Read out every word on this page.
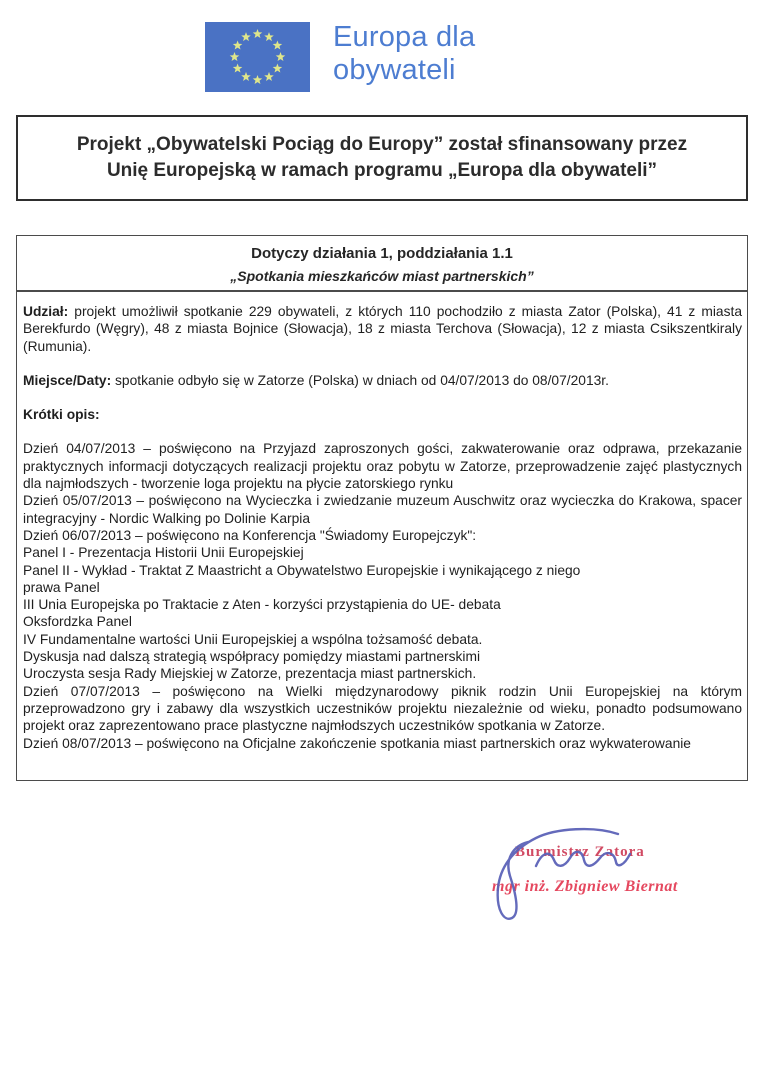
Europa dla
obywateli

Projekt „Obywatelski Pociąg do Europy” został sfinansowany przez
Unię Europejską w ramach programu „Europa dla obywateli”

Dotyczy działania 1, poddziałania 1.1
„Spotkania mieszkańców miast partnerskich”

Udział: projekt umożliwił spotkanie 229 obywateli, z których 110 pochodziło z miasta Zator (Polska), 41 z miasta Berekfurdo (Węgry), 48 z miasta Bojnice (Słowacja), 18 z miasta Terchova (Słowacja), 12 z miasta Csikszentkiraly (Rumunia).

Miejsce/Daty: spotkanie odbyło się w Zatorze (Polska) w dniach od 04/07/2013 do 08/07/2013r.

Krótki opis:

Dzień 04/07/2013 – poświęcono na Przyjazd zaproszonych gości, zakwaterowanie oraz odprawa, przekazanie praktycznych informacji dotyczących realizacji projektu oraz pobytu w Zatorze, przeprowadzenie zajęć plastycznych dla najmłodszych - tworzenie loga projektu na płycie zatorskiego rynku
Dzień 05/07/2013 – poświęcono na Wycieczka i zwiedzanie muzeum Auschwitz oraz wycieczka do Krakowa, spacer integracyjny - Nordic Walking po Dolinie Karpia
Dzień 06/07/2013 – poświęcono na Konferencja "Świadomy Europejczyk":
Panel I - Prezentacja Historii Unii Europejskiej
Panel II - Wykład - Traktat Z Maastricht a Obywatelstwo Europejskie i wynikającego z niego
prawa Panel
III Unia Europejska po Traktacie z Aten - korzyści przystąpienia do UE- debata
Oksfordzka Panel
IV Fundamentalne wartości Unii Europejskiej a wspólna tożsamość debata.
Dyskusja nad dalszą strategią współpracy pomiędzy miastami partnerskimi
Uroczysta sesja Rady Miejskiej w Zatorze, prezentacja miast partnerskich.
Dzień 07/07/2013 – poświęcono na Wielki międzynarodowy piknik rodzin Unii Europejskiej na którym przeprowadzono gry i zabawy dla wszystkich uczestników projektu niezależnie od wieku, ponadto podsumowano projekt oraz zaprezentowano prace plastyczne najmłodszych uczestników spotkania w Zatorze.
Dzień 08/07/2013 – poświęcono na Oficjalne zakończenie spotkania miast partnerskich oraz wykwaterowanie
Burmistrz Zatora
mgr inż. Zbigniew Biernat
